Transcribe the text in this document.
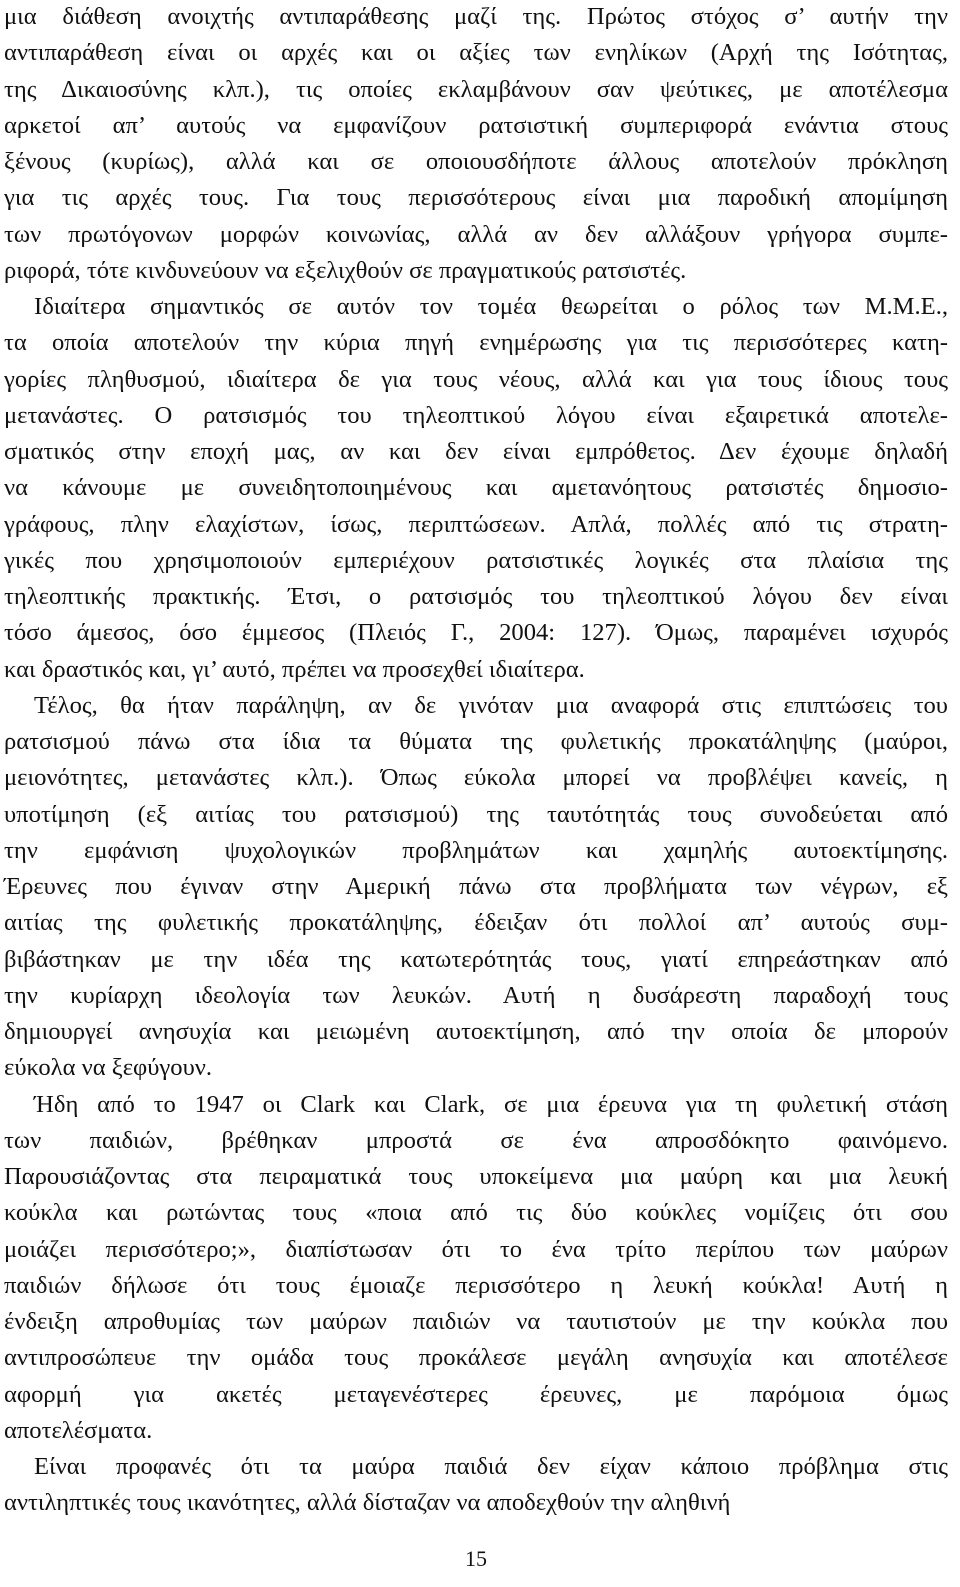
μια διάθεση ανοιχτής αντιπαράθεσης μαζί της. Πρώτος στόχος σ’ αυτήν την
αντιπαράθεση είναι οι αρχές και οι αξίες των ενηλίκων (Αρχή της Ισότητας,
της Δικαιοσύνης κλπ.), τις οποίες εκλαμβάνουν σαν ψεύτικες, με αποτέλεσμα
αρκετοί απ’ αυτούς να εμφανίζουν ρατσιστική συμπεριφορά ενάντια στους
ξένους (κυρίως), αλλά και σε οποιουσδήποτε άλλους αποτελούν πρόκληση
για τις αρχές τους. Για τους περισσότερους είναι μια παροδική απομίμηση
των πρωτόγονων μορφών κοινωνίας, αλλά αν δεν αλλάξουν γρήγορα συμπε-
ριφορά, τότε κινδυνεύουν να εξελιχθούν σε πραγματικούς ρατσιστές.
Ιδιαίτερα σημαντικός σε αυτόν τον τομέα θεωρείται ο ρόλος των Μ.Μ.Ε.,
τα οποία αποτελούν την κύρια πηγή ενημέρωσης για τις περισσότερες κατη-
γορίες πληθυσμού, ιδιαίτερα δε για τους νέους, αλλά και για τους ίδιους τους
μετανάστες. Ο ρατσισμός του τηλεοπτικού λόγου είναι εξαιρετικά αποτελε-
σματικός στην εποχή μας, αν και δεν είναι εμπρόθετος. Δεν έχουμε δηλαδή
να κάνουμε με συνειδητοποιημένους και αμετανόητους ρατσιστές δημοσιο-
γράφους, πλην ελαχίστων, ίσως, περιπτώσεων. Απλά, πολλές από τις στρατη-
γικές που χρησιμοποιούν εμπεριέχουν ρατσιστικές λογικές στα πλαίσια της
τηλεοπτικής πρακτικής. Έτσι, ο ρατσισμός του τηλεοπτικού λόγου δεν είναι
τόσο άμεσος, όσο έμμεσος (Πλειός Γ., 2004: 127). Όμως, παραμένει ισχυρός
και δραστικός και, γι’ αυτό, πρέπει να προσεχθεί ιδιαίτερα.
Τέλος, θα ήταν παράληψη, αν δε γινόταν μια αναφορά στις επιπτώσεις του
ρατσισμού πάνω στα ίδια τα θύματα της φυλετικής προκατάληψης (μαύροι,
μειονότητες, μετανάστες κλπ.). Όπως εύκολα μπορεί να προβλέψει κανείς, η
υποτίμηση (εξ αιτίας του ρατσισμού) της ταυτότητάς τους συνοδεύεται από
την εμφάνιση ψυχολογικών προβλημάτων και χαμηλής αυτοεκτίμησης.
Έρευνες που έγιναν στην Αμερική πάνω στα προβλήματα των νέγρων, εξ
αιτίας της φυλετικής προκατάληψης, έδειξαν ότι πολλοί απ’ αυτούς συμ-
βιβάστηκαν με την ιδέα της κατωτερότητάς τους, γιατί επηρεάστηκαν από
την κυρίαρχη ιδεολογία των λευκών. Αυτή η δυσάρεστη παραδοχή τους
δημιουργεί ανησυχία και μειωμένη αυτοεκτίμηση, από την οποία δε μπορούν
εύκολα να ξεφύγουν.
Ήδη από το 1947 οι Clark και Clark, σε μια έρευνα για τη φυλετική στάση
των παιδιών, βρέθηκαν μπροστά σε ένα απροσδόκητο φαινόμενο.
Παρουσιάζοντας στα πειραματικά τους υποκείμενα μια μαύρη και μια λευκή
κούκλα και ρωτώντας τους «ποια από τις δύο κούκλες νομίζεις ότι σου
μοιάζει περισσότερο;», διαπίστωσαν ότι το ένα τρίτο περίπου των μαύρων
παιδιών δήλωσε ότι τους έμοιαζε περισσότερο η λευκή κούκλα! Αυτή η
ένδειξη απροθυμίας των μαύρων παιδιών να ταυτιστούν με την κούκλα που
αντιπροσώπευε την ομάδα τους προκάλεσε μεγάλη ανησυχία και αποτέλεσε
αφορμή για ακετές μεταγενέστερες έρευνες, με παρόμοια όμως
αποτελέσματα.
Είναι προφανές ότι τα μαύρα παιδιά δεν είχαν κάποιο πρόβλημα στις
αντιληπτικές τους ικανότητες, αλλά δίσταζαν να αποδεχθούν την αληθινή
15
